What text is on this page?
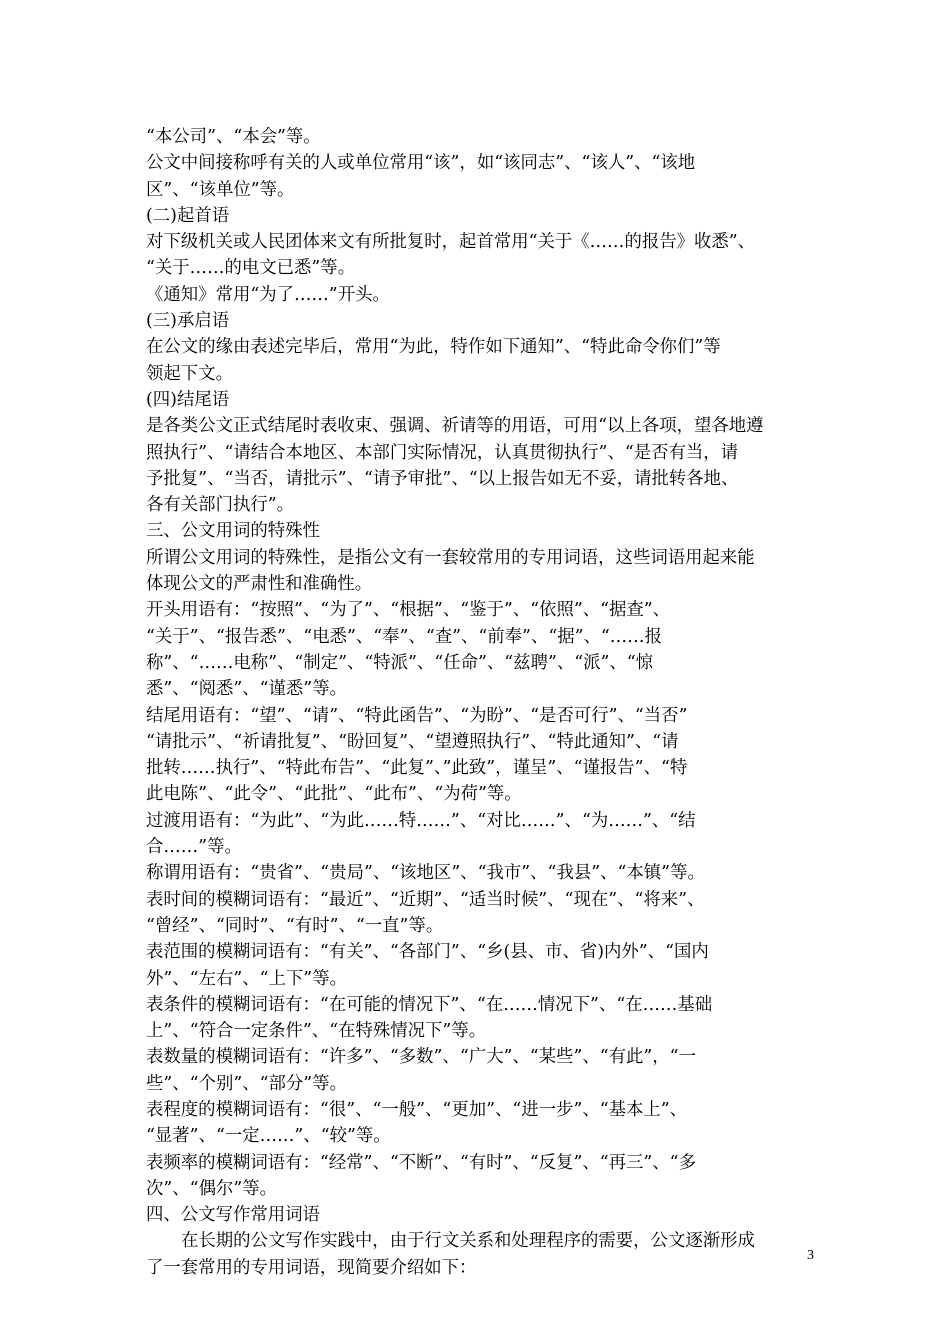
“本公司”、“本会”等。
公文中间接称呼有关的人或单位常用“该”，如“该同志”、“该人”、“该地
区”、“该单位”等。
(二)起首语
对下级机关或人民团体来文有所批复时，起首常用“关于《……的报告》收悉”、
“关于……的电文已悉”等。
《通知》常用“为了……”开头。
(三)承启语
在公文的缘由表述完毕后，常用“为此，特作如下通知”、“特此命令你们”等
领起下文。
(四)结尾语
是各类公文正式结尾时表收束、强调、祈请等的用语，可用“以上各项，望各地遵
照执行”、“请结合本地区、本部门实际情况，认真贯彻执行”、“是否有当，请
予批复”、“当否，请批示”、“请予审批”、“以上报告如无不妥，请批转各地、
各有关部门执行”。
三、公文用词的特殊性
所谓公文用词的特殊性，是指公文有一套较常用的专用词语，这些词语用起来能
体现公文的严肃性和准确性。
开头用语有：“按照”、“为了”、“根据”、“鉴于”、“依照”、“据查”、
“关于”、“报告悉”、“电悉”、“奉”、“查”、“前奉”、“据”、“……报
称”、“……电称”、“制定”、“特派”、“任命”、“兹聘”、“派”、“惊
悉”、“阅悉”、“谨悉”等。
结尾用语有：“望”、“请”、“特此函告”、“为盼”、“是否可行”、“当否”
“请批示”、“祈请批复”、“盼回复”、“望遵照执行”、“特此通知”、“请
批转……执行”、“特此布告”、“此复”、”此致”，谨呈”、“谨报告”、“特
此电陈”、“此令”、“此批”、“此布”、“为荷”等。
过渡用语有：“为此”、“为此……特……”、“对比……”、“为……”、“结
合……”等。
称谓用语有：“贵省”、“贵局”、“该地区”、“我市”、“我县”、“本镇”等。
表时间的模糊词语有：“最近”、“近期”、“适当时候”、“现在”、“将来”、
“曾经”、“同时”、“有时”、“一直”等。
表范围的模糊词语有：“有关”、“各部门”、“乡(县、市、省)内外”、“国内
外”、“左右”、“上下”等。
表条件的模糊词语有：“在可能的情况下”、“在……情况下”、“在……基础
上”、“符合一定条件”、“在特殊情况下”等。
表数量的模糊词语有：“许多”、“多数”、“广大”、“某些”、“有此”，“一
些”、“个别”、“部分”等。
表程度的模糊词语有：“很”、“一般”、“更加”、“进一步”、“基本上”、
“显著”、“一定……”、“较”等。
表频率的模糊词语有：“经常”、“不断”、“有时”、“反复”、“再三”、“多
次”、“偶尔”等。
四、公文写作常用词语
在长期的公文写作实践中，由于行文关系和处理程序的需要，公文逐渐形成
了一套常用的专用词语，现简要介绍如下：
3
